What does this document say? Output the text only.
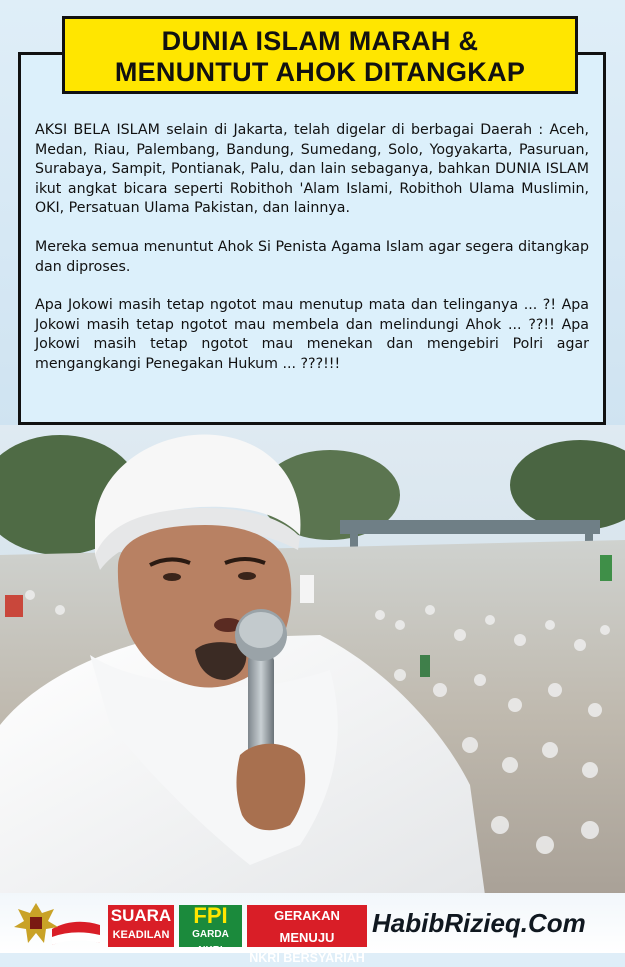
AKSI BELA ISLAM selain di Jakarta, telah digelar di berbagai Daerah : Aceh, Medan, Riau, Palembang, Bandung, Sumedang, Solo, Yogyakarta, Pasuruan, Surabaya, Sampit, Pontianak, Palu, dan lain sebaganya, bahkan DUNIA ISLAM ikut angkat bicara seperti Robithoh 'Alam Islami, Robithoh Ulama Muslimin, OKI, Persatuan Ulama Pakistan, dan lainnya.

Mereka semua menuntut Ahok Si Penista Agama Islam agar segera ditangkap dan diproses.

Apa Jokowi masih tetap ngotot mau menutup mata dan telinganya ... ?! Apa Jokowi masih tetap ngotot mau membela dan melindungi Ahok ... ??!! Apa Jokowi masih tetap ngotot mau menekan dan mengebiri Polri agar mengangkangi Penegakan Hukum ... ???!!!

DUNIA ISLAM MARAH &
MENUNTUT AHOK DITANGKAP
SUARA
KEADILAN
FPI
GARDA NKRI
GERAKAN MENUJU
NKRI BERSYARIAH
HabibRizieq.Com
